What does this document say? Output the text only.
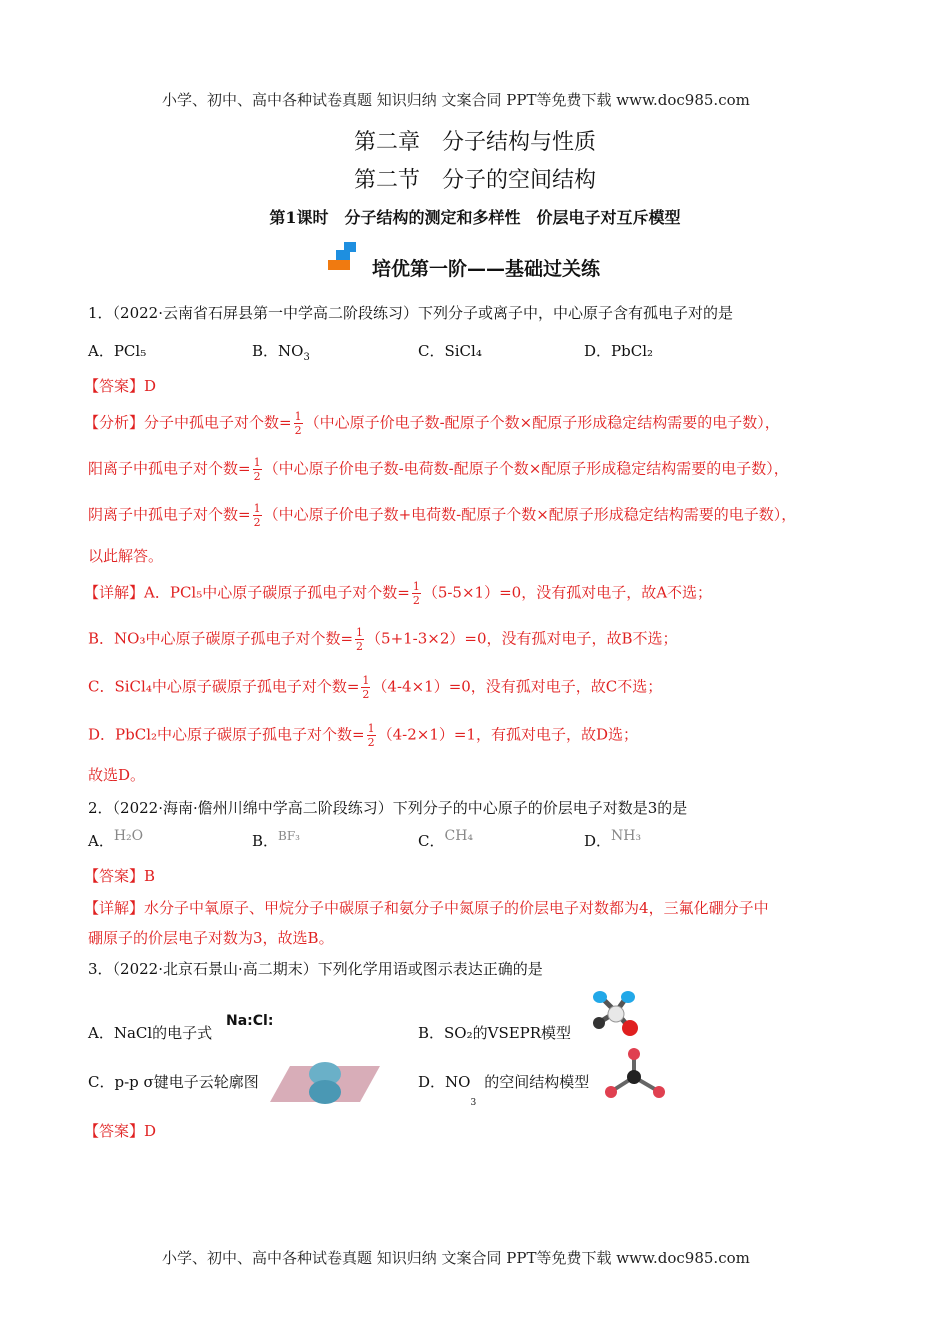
小学、初中、高中各种试卷真题 知识归纳 文案合同 PPT等免费下载 www.doc985.com
第二章　分子结构与性质
第二节　分子的空间结构
第1课时　分子结构的测定和多样性　价层电子对互斥模型
培优第一阶——基础过关练
1．（2022·云南省石屏县第一中学高二阶段练习）下列分子或离子中，中心原子含有孤电子对的是
A．PCl₅	B．$NO_3$	C．SiCl₄	D．PbCl₂
【答案】D
【分析】分子中孤电子对个数= $\frac{1}{2}$ （中心原子价电子数-配原子个数×配原子形成稳定结构需要的电子数），
阳离子中孤电子对个数= $\frac{1}{2}$ （中心原子价电子数-电荷数-配原子个数×配原子形成稳定结构需要的电子数），
阴离子中孤电子对个数= $\frac{1}{2}$ （中心原子价电子数+电荷数-配原子个数×配原子形成稳定结构需要的电子数），
以此解答。
【详解】A．PCl₅中心原子碳原子孤电子对个数= $\frac{1}{2} (5-5\times 1)=0$，没有孤对电子，故A不选；
B．NO₃中心原子碳原子孤电子对个数= $\frac{1}{2} (5+1-3\times 2)=0$，没有孤对电子，故B不选；
C．SiCl₄中心原子碳原子孤电子对个数= $\frac{1}{2} (4-4\times 1)=0$，没有孤对电子，故C不选；
D．PbCl₂中心原子碳原子孤电子对个数= $\frac{1}{2} (4-2\times 1)=1$，有孤对电子，故D选；
故选D。
2．（2022·海南·儋州川绵中学高二阶段练习）下列分子的中心原子的价层电子对数是3的是
A．H₂O	B．$^{BF_3}$	C．CH₄	D．NH₃
【答案】B
【详解】水分子中氧原子、甲烷分子中碳原子和氨分子中氮原子的价层电子对数都为4，三氟化硼分子中
硼原子的价层电子对数为3，故选B。
3．（2022·北京石景山·高二期末）下列化学用语或图示表达正确的是
A．NaCl的电子式
Na:Cl:
B．SO₂的VSEPR模型
C．p-p σ键电子云轮廓图	D．$NO_3$的空间结构模型
【答案】D
小学、初中、高中各种试卷真题 知识归纳 文案合同 PPT等免费下载 www.doc985.com
